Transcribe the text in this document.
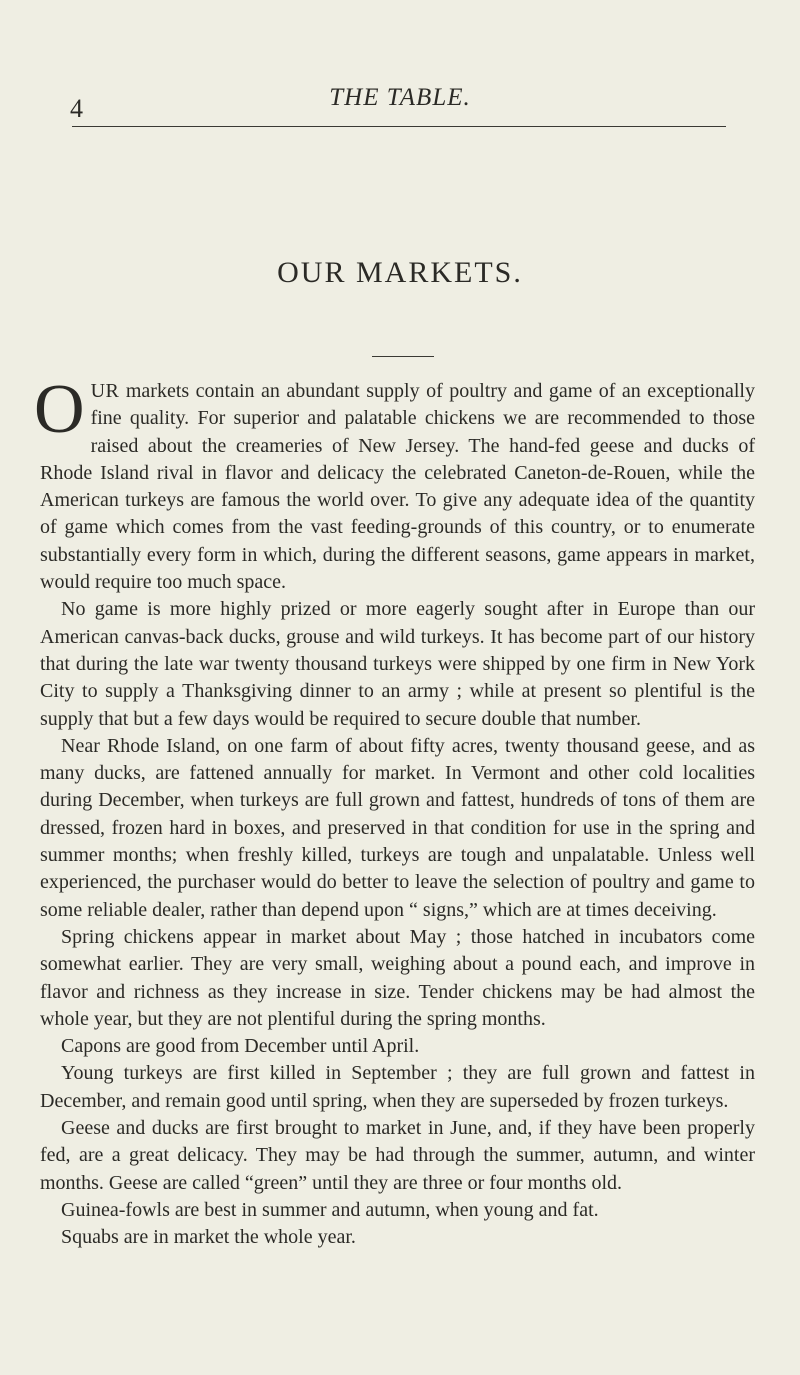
4	THE TABLE.
OUR MARKETS.

OUR markets contain an abundant supply of poultry and game of an exceptionally fine quality. For superior and palatable chickens we are recommended to those raised about the creameries of New Jersey. The hand-fed geese and ducks of Rhode Island rival in flavor and delicacy the celebrated Caneton-de-Rouen, while the American turkeys are famous the world over. To give any adequate idea of the quantity of game which comes from the vast feeding-grounds of this country, or to enumerate substantially every form in which, during the different seasons, game appears in market, would require too much space.

No game is more highly prized or more eagerly sought after in Europe than our American canvas-back ducks, grouse and wild turkeys. It has become part of our history that during the late war twenty thousand turkeys were shipped by one firm in New York City to supply a Thanksgiving dinner to an army ; while at present so plentiful is the supply that but a few days would be required to secure double that number.

Near Rhode Island, on one farm of about fifty acres, twenty thousand geese, and as many ducks, are fattened annually for market. In Vermont and other cold localities during December, when turkeys are full grown and fattest, hundreds of tons of them are dressed, frozen hard in boxes, and preserved in that condition for use in the spring and summer months; when freshly killed, turkeys are tough and unpalatable. Unless well experienced, the purchaser would do better to leave the selection of poultry and game to some reliable dealer, rather than depend upon “ signs,” which are at times deceiving.

Spring chickens appear in market about May ; those hatched in incubators come somewhat earlier. They are very small, weighing about a pound each, and improve in flavor and richness as they increase in size. Tender chickens may be had almost the whole year, but they are not plentiful during the spring months.

Capons are good from December until April.

Young turkeys are first killed in September ; they are full grown and fattest in December, and remain good until spring, when they are superseded by frozen turkeys.

Geese and ducks are first brought to market in June, and, if they have been properly fed, are a great delicacy. They may be had through the summer, autumn, and winter months. Geese are called “green” until they are three or four months old.

Guinea-fowls are best in summer and autumn, when young and fat.

Squabs are in market the whole year.
